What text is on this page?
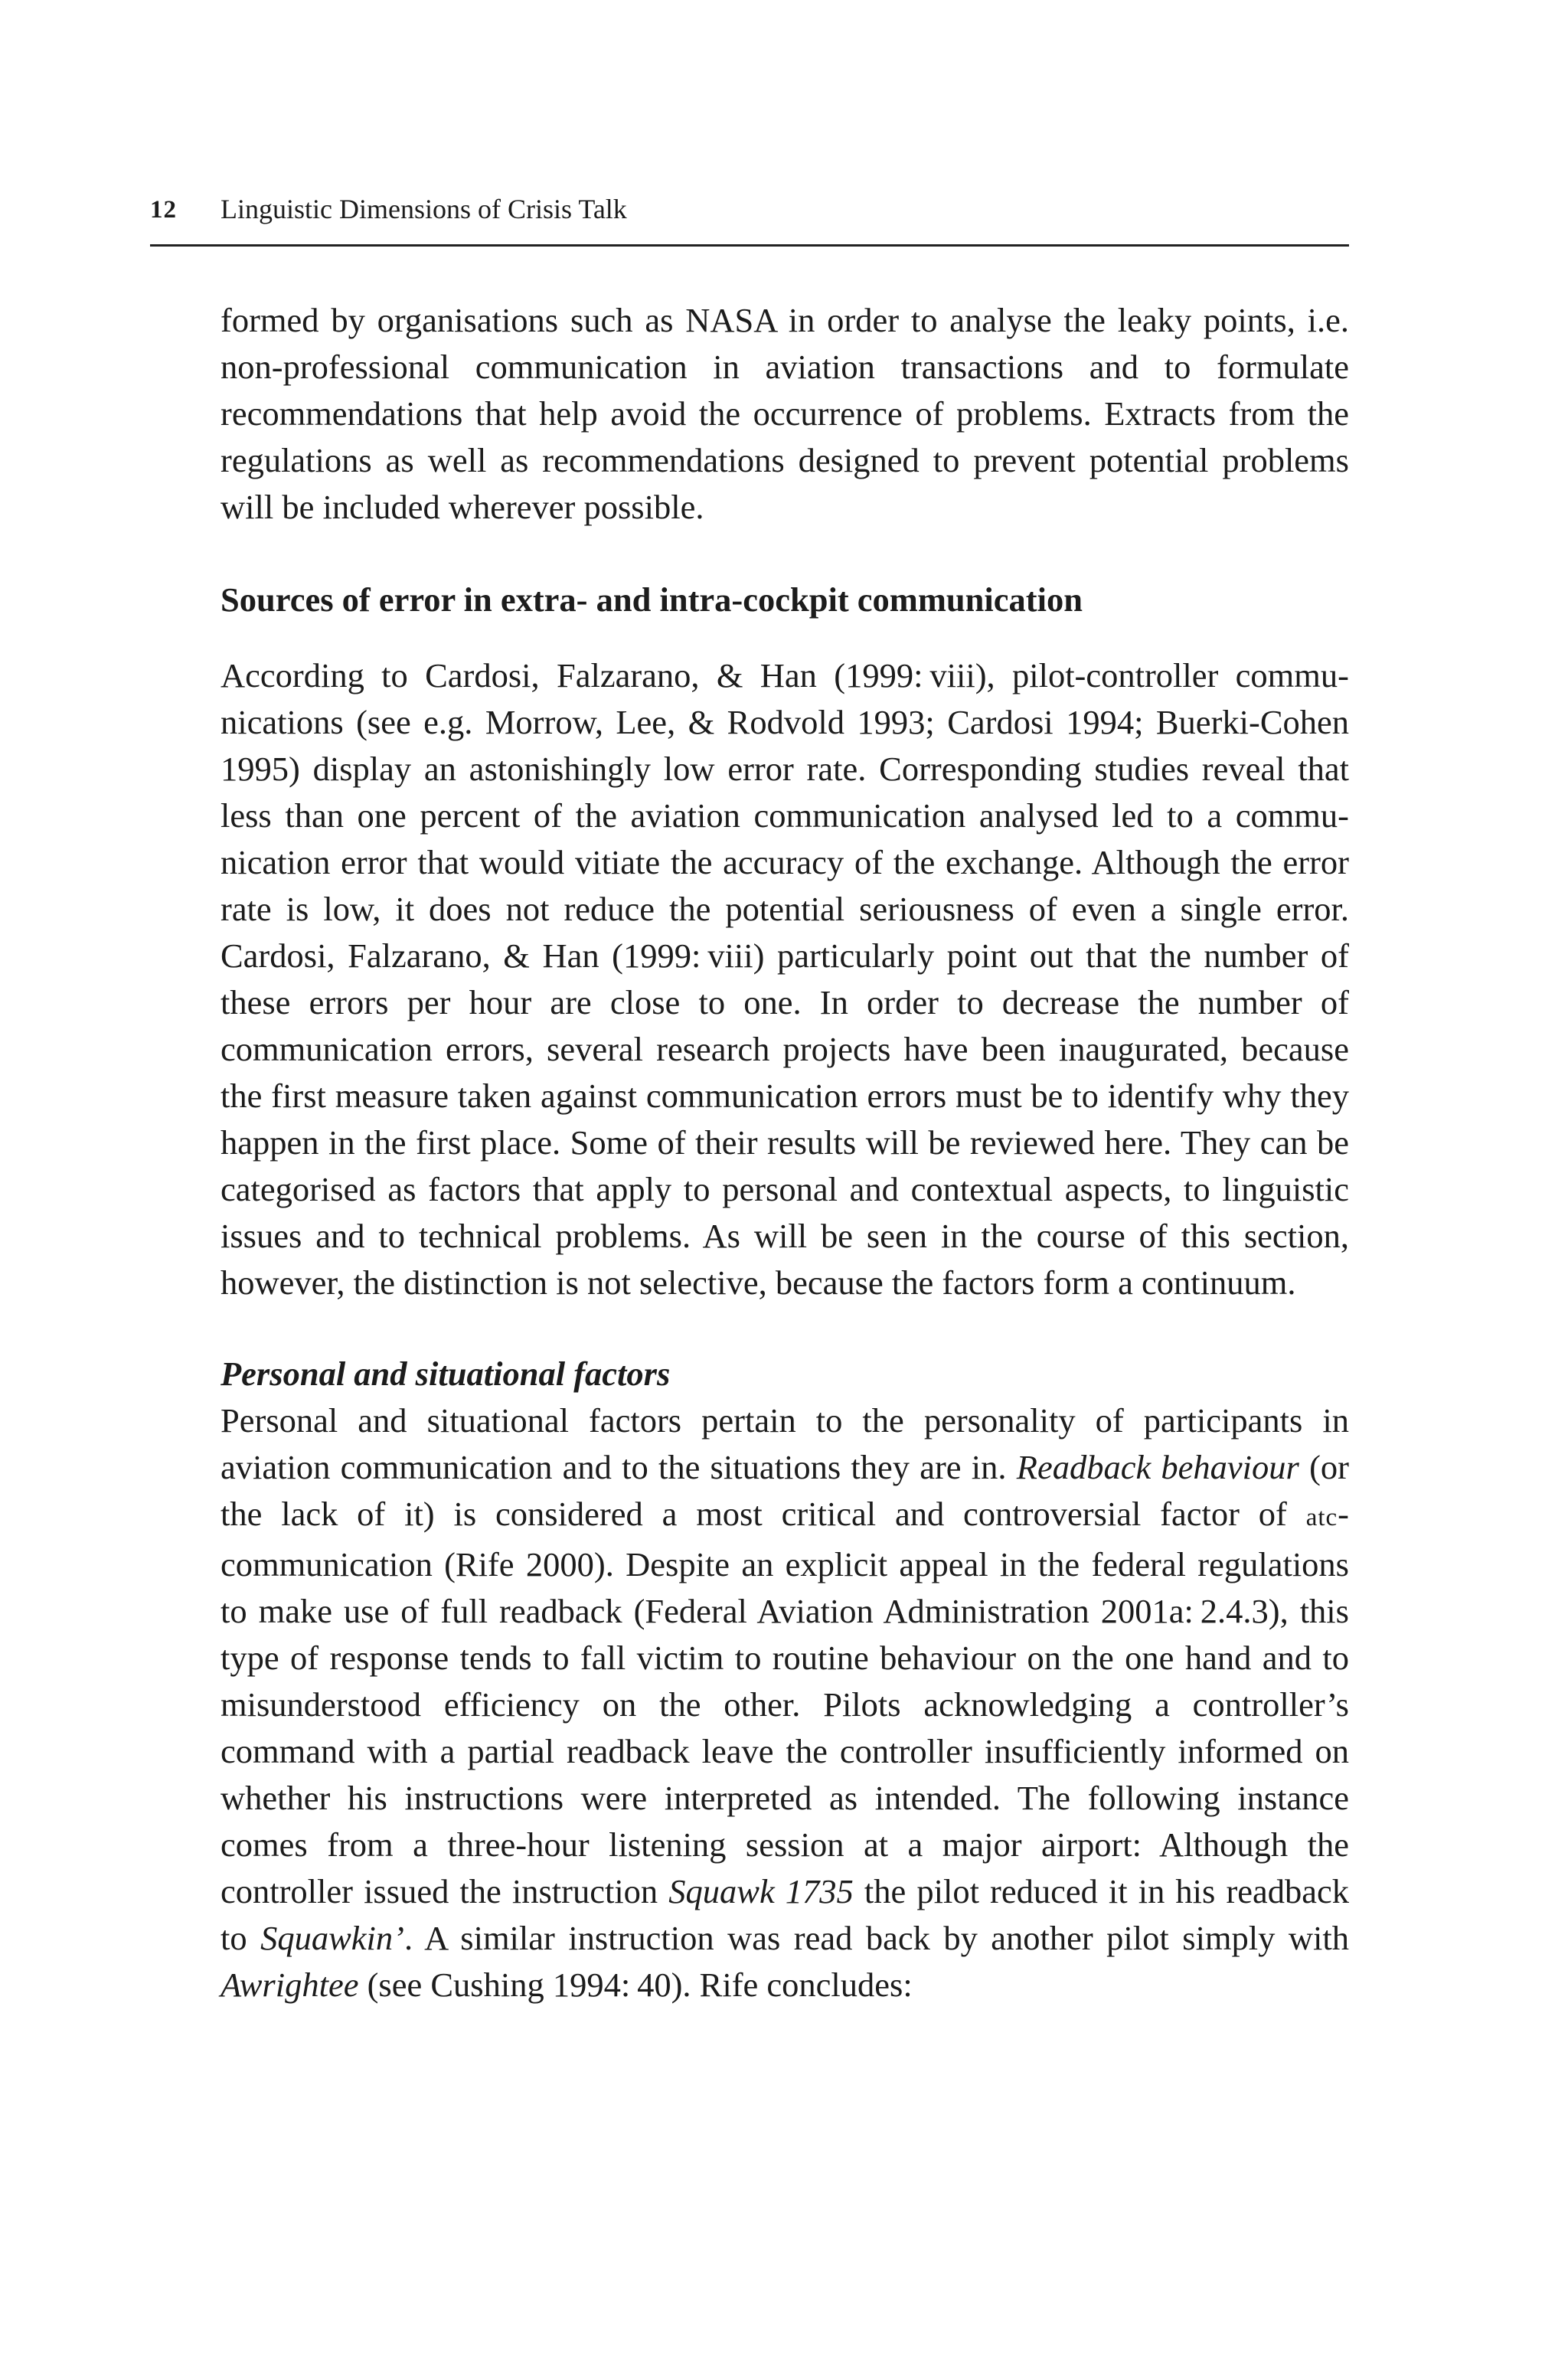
12 Linguistic Dimensions of Crisis Talk

formed by organisations such as NASA in order to analyse the leaky points, i.e. non-professional communication in aviation transactions and to formulate recommendations that help avoid the occurrence of problems. Extracts from the regulations as well as recommendations designed to prevent potential problems will be included wherever possible.

Sources of error in extra- and intra-cockpit communication

According to Cardosi, Falzarano, & Han (1999: viii), pilot-controller communications (see e.g. Morrow, Lee, & Rodvold 1993; Cardosi 1994; Buerki-Cohen 1995) display an astonishingly low error rate. Corresponding studies reveal that less than one percent of the aviation communication analysed led to a communication error that would vitiate the accuracy of the exchange. Although the error rate is low, it does not reduce the potential seriousness of even a single error. Cardosi, Falzarano, & Han (1999: viii) particularly point out that the number of these errors per hour are close to one. In order to decrease the number of communication errors, several research projects have been inaugurated, because the first measure taken against communication errors must be to identify why they happen in the first place. Some of their results will be reviewed here. They can be categorised as factors that apply to personal and contextual aspects, to linguistic issues and to technical problems. As will be seen in the course of this section, however, the distinction is not selective, because the factors form a continuum.

Personal and situational factors

Personal and situational factors pertain to the personality of participants in aviation communication and to the situations they are in. Readback behaviour (or the lack of it) is considered a most critical and controversial factor of atc-communication (Rife 2000). Despite an explicit appeal in the federal regulations to make use of full readback (Federal Aviation Administration 2001a: 2.4.3), this type of response tends to fall victim to routine behaviour on the one hand and to misunderstood efficiency on the other. Pilots acknowledging a controller’s command with a partial readback leave the controller insufficiently informed on whether his instructions were interpreted as intended. The following instance comes from a three-hour listening session at a major airport: Although the controller issued the instruction Squawk 1735 the pilot reduced it in his readback to Squawkin’. A similar instruction was read back by another pilot simply with Awrightee (see Cushing 1994: 40). Rife concludes:
